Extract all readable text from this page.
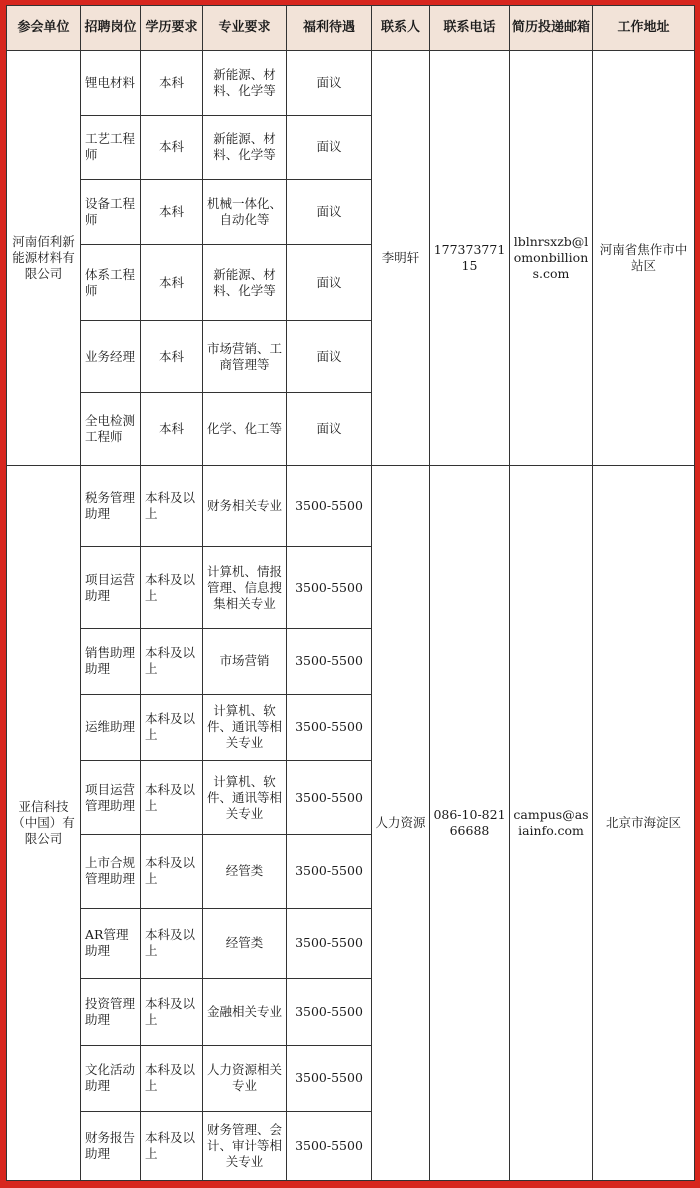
参会单位	招聘岗位	学历要求	专业要求	福利待遇	联系人	联系电话	简历投递邮箱	工作地址
河南佰利新能源材料有限公司	锂电材料	本科	新能源、材料、化学等	面议	李明轩	17737377115	lblnrsxzb@lomonbillions.com	河南省焦作市中站区
	工艺工程师	本科	新能源、材料、化学等	面议				
	设备工程师	本科	机械一体化、自动化等	面议				
	体系工程师	本科	新能源、材料、化学等	面议				
	业务经理	本科	市场营销、工商管理等	面议				
	全电检测工程师	本科	化学、化工等	面议				
亚信科技（中国）有限公司	税务管理助理	本科及以上	财务相关专业	3500-5500	人力资源	086-10-82166688	campus@asiainfo.com	北京市海淀区
	项目运营助理	本科及以上	计算机、情报管理、信息搜集相关专业	3500-5500				
	销售助理助理	本科及以上	市场营销	3500-5500				
	运维助理	本科及以上	计算机、软件、通讯等相关专业	3500-5500				
	项目运营管理助理	本科及以上	计算机、软件、通讯等相关专业	3500-5500				
	上市合规管理助理	本科及以上	经管类	3500-5500				
	AR管理助理	本科及以上	经管类	3500-5500				
	投资管理助理	本科及以上	金融相关专业	3500-5500				
	文化活动助理	本科及以上	人力资源相关专业	3500-5500				
	财务报告助理	本科及以上	财务管理、会计、审计等相关专业	3500-5500				
